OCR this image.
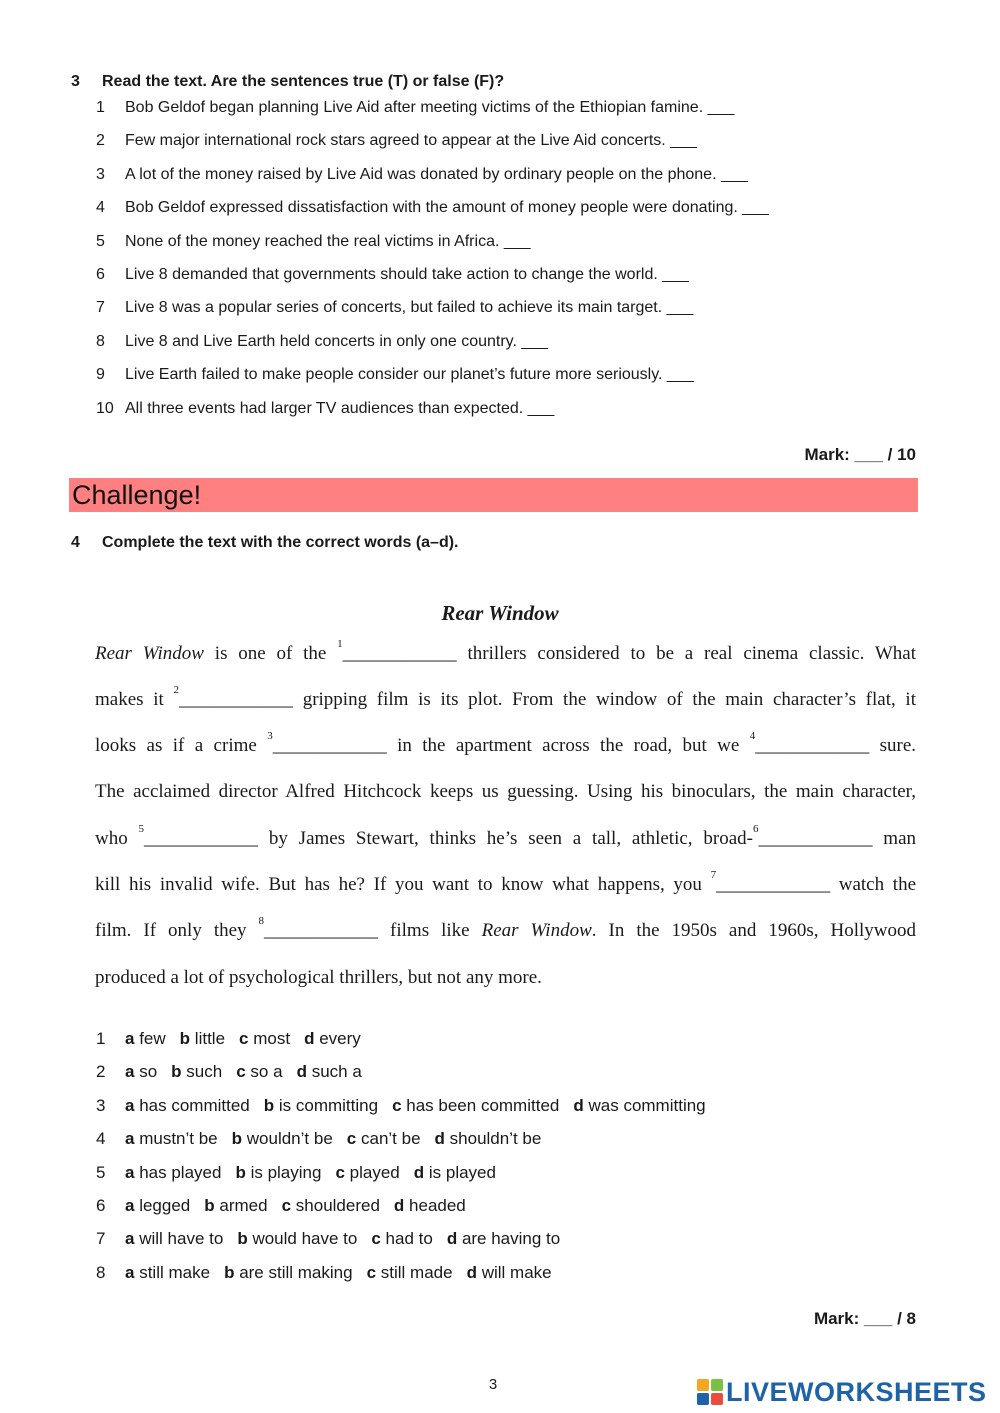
3 Read the text. Are the sentences true (T) or false (F)?
1 Bob Geldof began planning Live Aid after meeting victims of the Ethiopian famine. ___
2 Few major international rock stars agreed to appear at the Live Aid concerts. ___
3 A lot of the money raised by Live Aid was donated by ordinary people on the phone. ___
4 Bob Geldof expressed dissatisfaction with the amount of money people were donating. ___
5 None of the money reached the real victims in Africa. ___
6 Live 8 demanded that governments should take action to change the world. ___
7 Live 8 was a popular series of concerts, but failed to achieve its main target. ___
8 Live 8 and Live Earth held concerts in only one country. ___
9 Live Earth failed to make people consider our planet’s future more seriously. ___
10 All three events had larger TV audiences than expected. ___
Mark: ___ / 10
Challenge!
4 Complete the text with the correct words (a–d).
Rear Window
Rear Window is one of the $^1$____________ thrillers considered to be a real cinema classic. What
makes it $^2$____________ gripping film is its plot. From the window of the main character’s flat, it
looks as if a crime $^3$____________ in the apartment across the road, but we $^4$____________ sure.
The acclaimed director Alfred Hitchcock keeps us guessing. Using his binoculars, the main character,
who $^5$____________ by James Stewart, thinks he’s seen a tall, athletic, broad-$^6$____________ man
kill his invalid wife. But has he? If you want to know what happens, you $^7$____________ watch the
film. If only they $^8$____________ films like Rear Window. In the 1950s and 1960s, Hollywood
produced a lot of psychological thrillers, but not any more.
1 a few b little c most d every
2 a so b such c so a d such a
3 a has committed b is committing c has been committed d was committing
4 a mustn’t be b wouldn’t be c can’t be d shouldn’t be
5 a has played b is playing c played d is played
6 a legged b armed c shouldered d headed
7 a will have to b would have to c had to d are having to
8 a still make b are still making c still made d will make
Mark: ___ / 8
3	LIVEWORKSHEETS
